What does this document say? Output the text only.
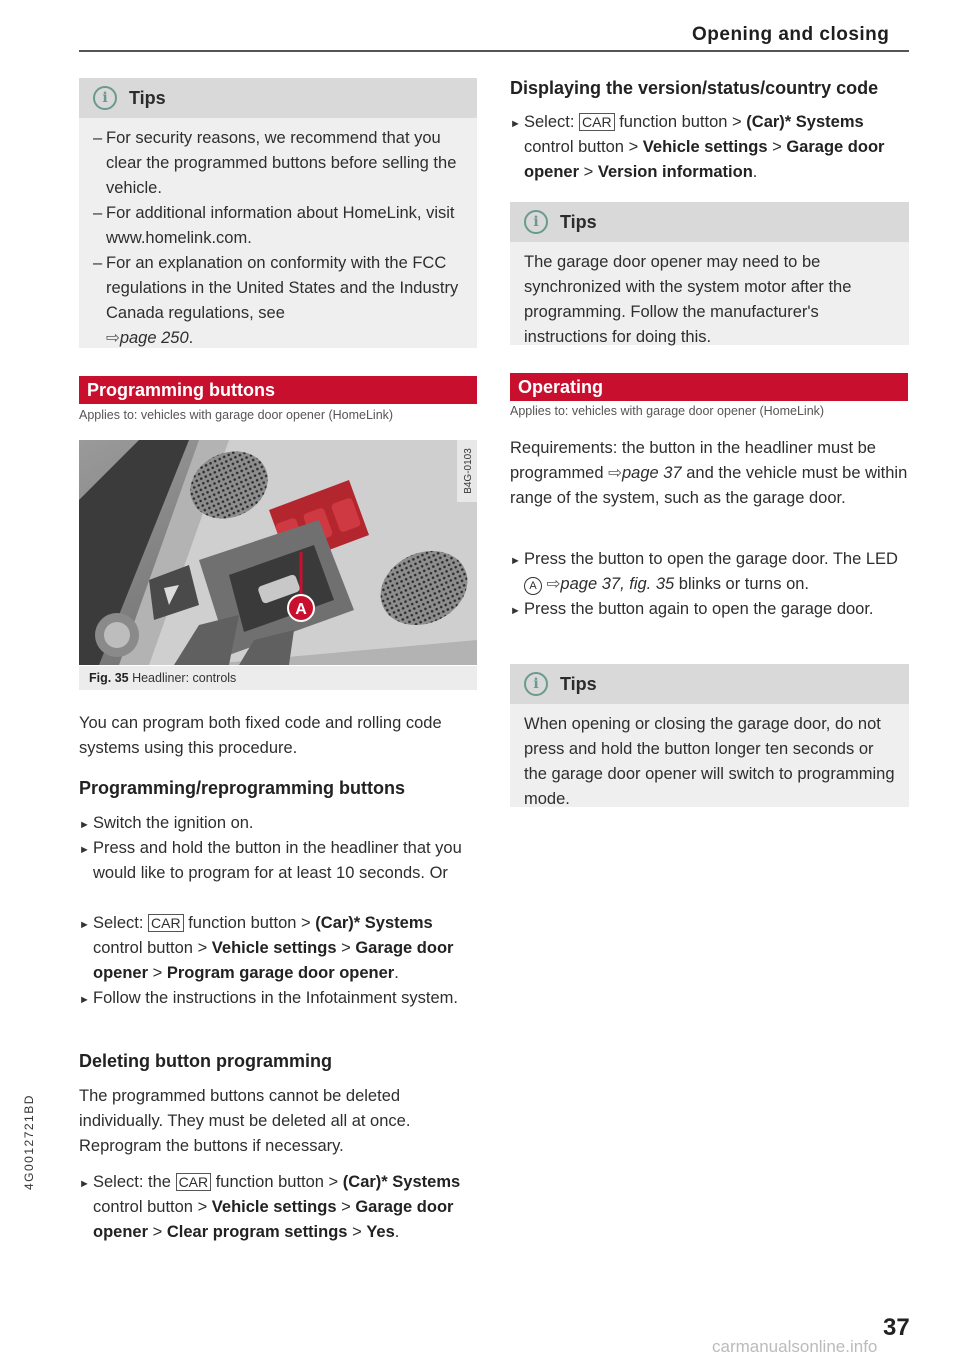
Opening and closing
i	Tips
– For security reasons, we recommend that you clear the programmed buttons before selling the vehicle.
– For additional information about HomeLink, visit www.homelink.com.
– For an explanation on conformity with the FCC regulations in the United States and the Industry Canada regulations, see
⇨page 250.
Programming buttons
Applies to: vehicles with garage door opener (HomeLink)
A
B4G-0103
Fig. 35
Headliner: controls

You can program both fixed code and rolling code systems using this procedure.

Programming/reprogramming buttons
► Switch the ignition on.
► Press and hold the button in the headliner that you would like to program for at least 10 seconds. Or
► Select: CAR function button > (Car)* Systems control button > Vehicle settings > Garage door opener > Program garage door opener.
► Follow the instructions in the Infotainment system.
Deleting button programming

The programmed buttons cannot be deleted individually. They must be deleted all at once. Reprogram the buttons if necessary.

► Select: the CAR function button > (Car)* Systems control button > Vehicle settings > Garage door opener > Clear program settings > Yes.
Displaying the version/status/country code
► Select: CAR function button > (Car)* Systems control button > Vehicle settings > Garage door opener > Version information.
i	Tips

The garage door opener may need to be synchronized with the system motor after the programming. Follow the manufacturer's instructions for doing this.

Operating
Applies to: vehicles with garage door opener (HomeLink)

Requirements: the button in the headliner must be programmed ⇨page 37 and the vehicle must be within range of the system, such as the garage door.

► Press the button to open the garage door. The LED A ⇨page 37, fig. 35 blinks or turns on.
► Press the button again to open the garage door.
i	Tips

When opening or closing the garage door, do not press and hold the button longer ten seconds or the garage door opener will switch to programming mode.

4G0012721BD
37
carmanualsonline.info
